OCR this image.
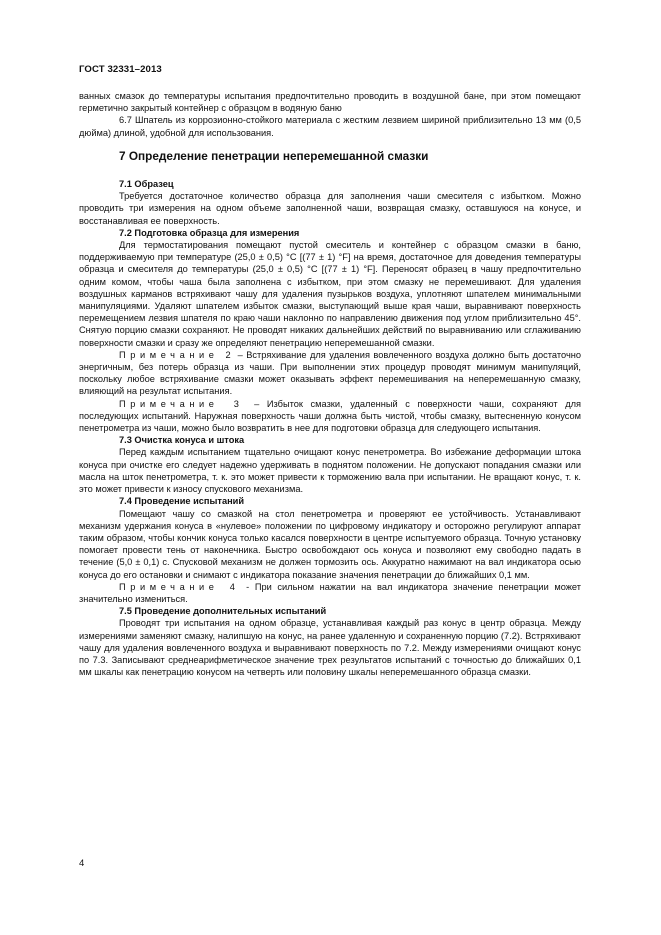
ГОСТ 32331–2013

ванных смазок до температуры испытания предпочтительно проводить в воздушной бане, при этом помещают герметично закрытый контейнер с образцом в водяную баню

6.7 Шпатель из коррозионно-стойкого материала с жестким лезвием шириной приблизительно 13 мм (0,5 дюйма) длиной, удобной для использования.

7 Определение пенетрации неперемешанной смазки

7.1 Образец

Требуется достаточное количество образца для заполнения чаши смесителя с избытком. Можно проводить три измерения на одном объеме заполненной чаши, возвращая смазку, оставшуюся на конусе, и восстанавливая ее поверхность.

7.2 Подготовка образца для измерения

Для термостатирования помещают пустой смеситель и контейнер с образцом смазки в баню, поддерживаемую при температуре (25,0 ± 0,5) °С [(77 ± 1) °F] на время, достаточное для доведения температуры образца и смесителя до температуры (25,0 ± 0,5) °С [(77 ± 1) °F]. Переносят образец в чашу предпочтительно одним комом, чтобы чаша была заполнена с избытком, при этом смазку не перемешивают. Для удаления воздушных карманов встряхивают чашу для удаления пузырьков воздуха, уплотняют шпателем минимальными манипуляциями. Удаляют шпателем избыток смазки, выступающий выше края чаши, выравнивают поверхность перемещением лезвия шпателя по краю чаши наклонно по направлению движения под углом приблизительно 45°. Снятую порцию смазки сохраняют. Не проводят никаких дальнейших действий по выравниванию или сглаживанию поверхности смазки и сразу же определяют пенетрацию неперемешанной смазки.

Примечание 2 – Встряхивание для удаления вовлеченного воздуха должно быть достаточно энергичным, без потерь образца из чаши. При выполнении этих процедур проводят минимум манипуляций, поскольку любое встряхивание смазки может оказывать эффект перемешивания на неперемешанную смазку, влияющий на результат испытания.

Примечание 3 – Избыток смазки, удаленный с поверхности чаши, сохраняют для последующих испытаний. Наружная поверхность чаши должна быть чистой, чтобы смазку, вытесненную конусом пенетрометра из чаши, можно было возвратить в нее для подготовки образца для следующего испытания.

7.3 Очистка конуса и штока

Перед каждым испытанием тщательно очищают конус пенетрометра. Во избежание деформации штока конуса при очистке его следует надежно удерживать в поднятом положении. Не допускают попадания смазки или масла на шток пенетрометра, т. к. это может привести к торможению вала при испытании. Не вращают конус, т. к. это может привести к износу спускового механизма.

7.4 Проведение испытаний

Помещают чашу со смазкой на стол пенетрометра и проверяют ее устойчивость. Устанавливают механизм удержания конуса в «нулевое» положении по цифровому индикатору и осторожно регулируют аппарат таким образом, чтобы кончик конуса только касался поверхности в центре испытуемого образца. Точную установку помогает провести тень от наконечника. Быстро освобождают ось конуса и позволяют ему свободно падать в течение (5,0 ± 0,1) с. Спусковой механизм не должен тормозить ось. Аккуратно нажимают на вал индикатора осью конуса до его остановки и снимают с индикатора показание значения пенетрации до ближайших 0,1 мм.

Примечание 4 - При сильном нажатии на вал индикатора значение пенетрации может значительно измениться.

7.5 Проведение дополнительных испытаний

Проводят три испытания на одном образце, устанавливая каждый раз конус в центр образца. Между измерениями заменяют смазку, налипшую на конус, на ранее удаленную и сохраненную порцию (7.2). Встряхивают чашу для удаления вовлеченного воздуха и выравнивают поверхность по 7.2. Между измерениями очищают конус по 7.3. Записывают среднеарифметическое значение трех результатов испытаний с точностью до ближайших 0,1 мм шкалы как пенетрацию конусом на четверть или половину шкалы неперемешанного образца смазки.

4
